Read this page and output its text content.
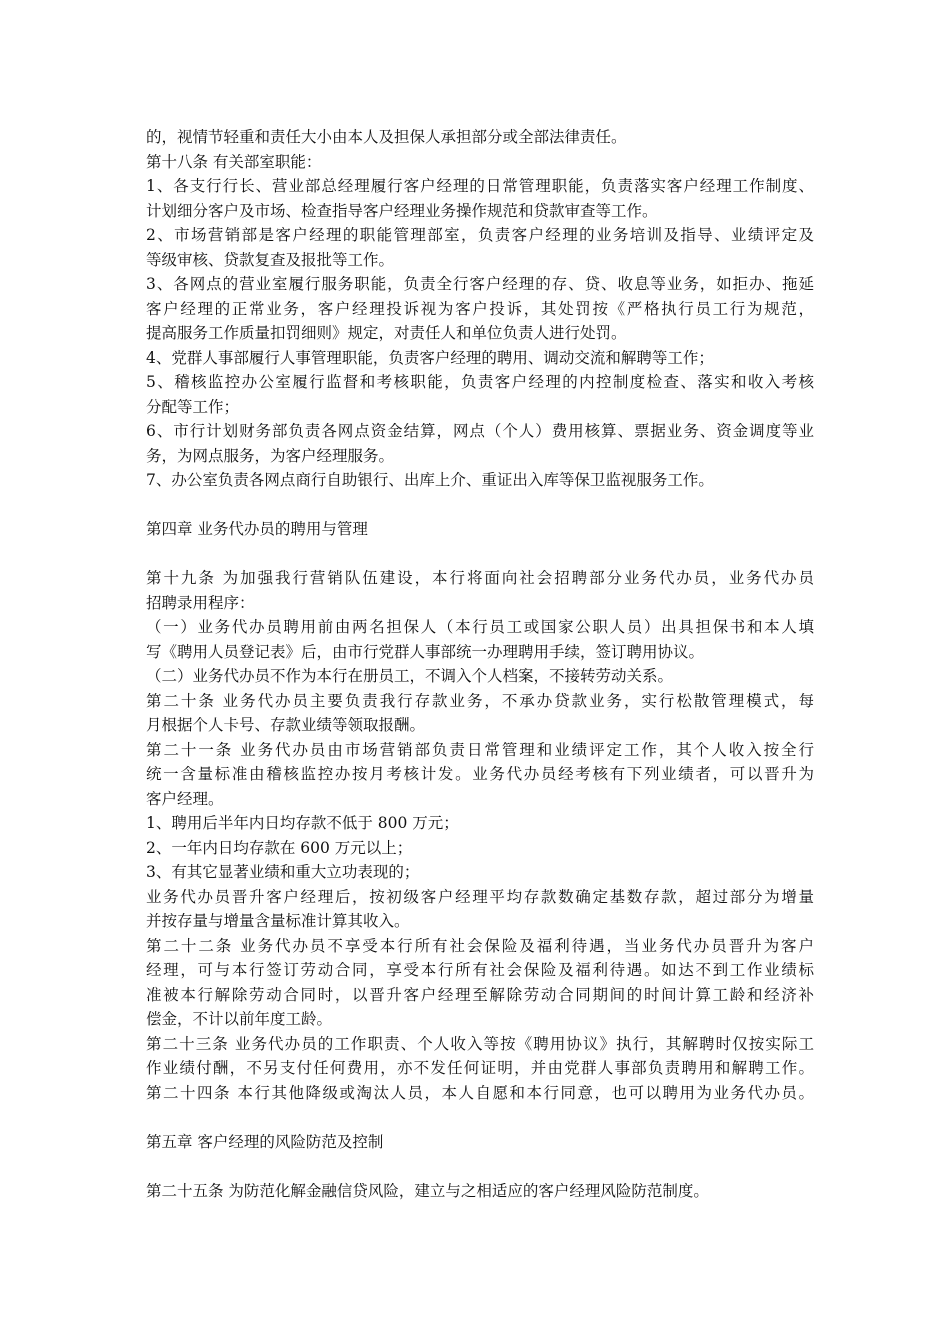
的，视情节轻重和责任大小由本人及担保人承担部分或全部法律责任。
第十八条 有关部室职能：
1、各支行行长、营业部总经理履行客户经理的日常管理职能，负责落实客户经理工作制度、
计划细分客户及市场、检查指导客户经理业务操作规范和贷款审查等工作。
2、市场营销部是客户经理的职能管理部室，负责客户经理的业务培训及指导、业绩评定及
等级审核、贷款复查及报批等工作。
3、各网点的营业室履行服务职能，负责全行客户经理的存、贷、收息等业务，如拒办、拖延
客户经理的正常业务，客户经理投诉视为客户投诉，其处罚按《严格执行员工行为规范，
提高服务工作质量扣罚细则》规定，对责任人和单位负责人进行处罚。
4、党群人事部履行人事管理职能，负责客户经理的聘用、调动交流和解聘等工作；
5、稽核监控办公室履行监督和考核职能，负责客户经理的内控制度检查、落实和收入考核
分配等工作；
6、市行计划财务部负责各网点资金结算，网点（个人）费用核算、票据业务、资金调度等业
务，为网点服务，为客户经理服务。
7、办公室负责各网点商行自助银行、出库上介、重证出入库等保卫监视服务工作。
第四章 业务代办员的聘用与管理
第十九条 为加强我行营销队伍建设，本行将面向社会招聘部分业务代办员，业务代办员
招聘录用程序：
（一）业务代办员聘用前由两名担保人（本行员工或国家公职人员）出具担保书和本人填
写《聘用人员登记表》后，由市行党群人事部统一办理聘用手续，签订聘用协议。
（二）业务代办员不作为本行在册员工，不调入个人档案，不接转劳动关系。
第二十条 业务代办员主要负责我行存款业务，不承办贷款业务，实行松散管理模式，每
月根据个人卡号、存款业绩等领取报酬。
第二十一条 业务代办员由市场营销部负责日常管理和业绩评定工作，其个人收入按全行
统一含量标准由稽核监控办按月考核计发。业务代办员经考核有下列业绩者，可以晋升为
客户经理。
1、聘用后半年内日均存款不低于 800 万元；
2、一年内日均存款在 600 万元以上；
3、有其它显著业绩和重大立功表现的；
业务代办员晋升客户经理后，按初级客户经理平均存款数确定基数存款，超过部分为增量
并按存量与增量含量标准计算其收入。
第二十二条 业务代办员不享受本行所有社会保险及福利待遇，当业务代办员晋升为客户
经理，可与本行签订劳动合同，享受本行所有社会保险及福利待遇。如达不到工作业绩标
准被本行解除劳动合同时，以晋升客户经理至解除劳动合同期间的时间计算工龄和经济补
偿金，不计以前年度工龄。
第二十三条 业务代办员的工作职责、个人收入等按《聘用协议》执行，其解聘时仅按实际工
作业绩付酬，不另支付任何费用，亦不发任何证明，并由党群人事部负责聘用和解聘工作。
第二十四条 本行其他降级或淘汰人员，本人自愿和本行同意，也可以聘用为业务代办员。
第五章 客户经理的风险防范及控制
第二十五条 为防范化解金融信贷风险，建立与之相适应的客户经理风险防范制度。
